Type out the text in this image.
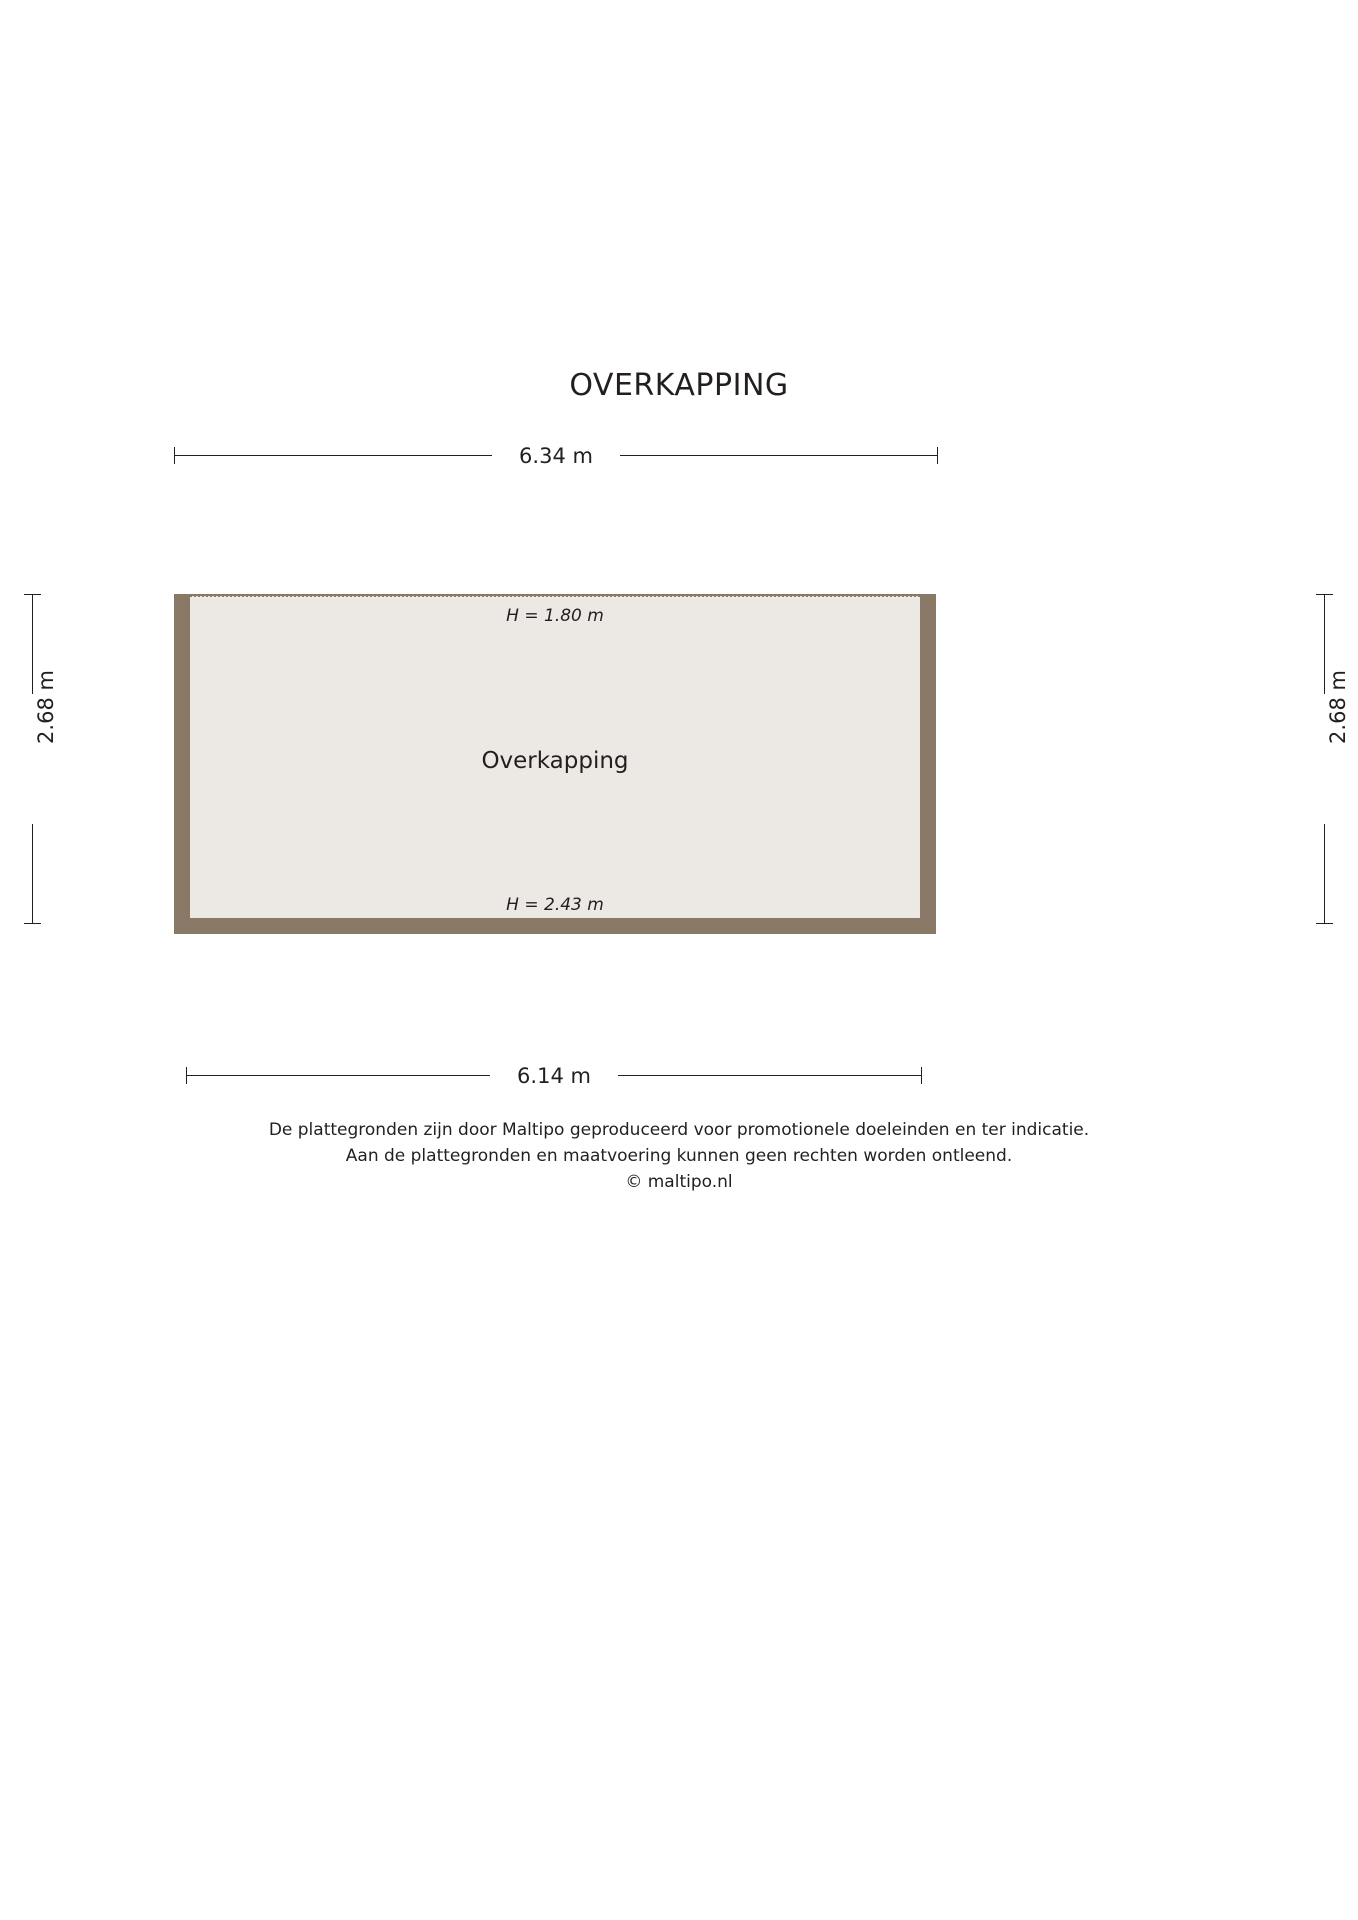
OVERKAPPING
6.34 m
2.68 m	2.68 m
H = 1.80 m
Overkapping
H = 2.43 m
6.14 m
De plattegronden zijn door Maltipo geproduceerd voor promotionele doeleinden en ter indicatie.
Aan de plattegronden en maatvoering kunnen geen rechten worden ontleend.
© maltipo.nl
